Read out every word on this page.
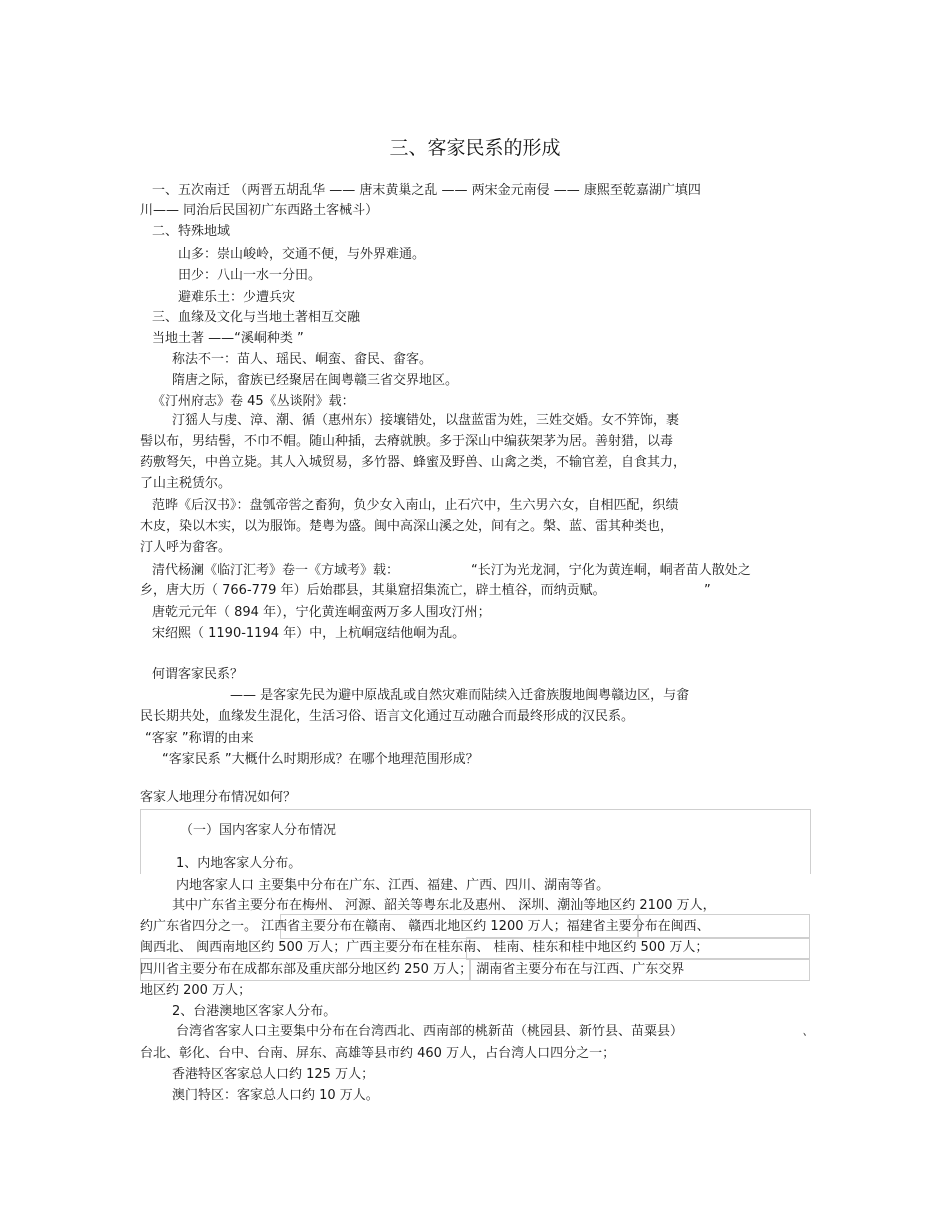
三、客家民系的形成
一、五次南迁 （两晋五胡乱华 —— 唐末黄巢之乱 —— 两宋金元南侵 —— 康熙至乾嘉湖广填四
川—— 同治后民国初广东西路土客械斗）
二、特殊地域
山多：崇山峻岭，交通不便，与外界难通。
田少：八山一水一分田。
避难乐土：少遭兵灾
三、血缘及文化与当地土著相互交融
当地土著 ——“溪峒种类 ”
称法不一：苗人、瑶民、峒蛮、畲民、畲客。
隋唐之际，畲族已经聚居在闽粤赣三省交界地区。
《汀州府志》卷 45《丛谈附》载：
汀猺人与虔、漳、潮、循（惠州东）接壤错处，以盘蓝雷为姓，三姓交婚。女不笄饰，裹
髻以布，男结髻，不巾不帽。随山种插，去瘠就腴。多于深山中编荻架茅为居。善射猎，以毒
药敷弩矢，中兽立毙。其人入城贸易，多竹器、蜂蜜及野兽、山禽之类，不输官差，自食其力，
了山主税赁尔。
范晔《后汉书》：盘瓠帝喾之畜狗，负少女入南山，止石穴中，生六男六女，自相匹配，织绩
木皮，染以木实，以为服饰。楚粤为盛。闽中高深山溪之处，间有之。槃、蓝、雷其种类也，
汀人呼为畲客。
清代杨澜《临汀汇考》卷一《方域考》载：	“长汀为光龙洞，宁化为黄连峒，峒者苗人散处之
乡，唐大历（ 766-779 年）后始郡县，其巢窟招集流亡，辟土植谷，而纳贡赋。	”
唐乾元元年（ 894 年），宁化黄连峒蛮两万多人围攻汀州；
宋绍熙（ 1190-1194 年）中，上杭峒寇结他峒为乱。
何谓客家民系？
—— 是客家先民为避中原战乱或自然灾难而陆续入迁畲族腹地闽粤赣边区，与畲
民长期共处，血缘发生混化，生活习俗、语言文化通过互动融合而最终形成的汉民系。
“客家 ”称谓的由来
“客家民系 ”大概什么时期形成？在哪个地理范围形成？
客家人地理分布情况如何？
（一）国内客家人分布情况
1、内地客家人分布。
内地客家人口 主要集中分布在广东、江西、福建、广西、四川、湖南等省。
其中广东省主要分布在梅州、 河源、韶关等粤东北及惠州、 深圳、潮汕等地区约 2100 万人，
约广东省四分之一。 江西省主要分布在赣南、 赣西北地区约 1200 万人；福建省主要分布在闽西、
闽西北、 闽西南地区约 500 万人；广西主要分布在桂东南、 桂南、桂东和桂中地区约 500 万人；
四川省主要分布在成都东部及重庆部分地区约 250 万人； 湖南省主要分布在与江西、广东交界
地区约 200 万人；
2、台港澳地区客家人分布。
台湾省客家人口主要集中分布在台湾西北、西南部的桃新苗（桃园县、新竹县、苗粟县）	、
台北、彰化、台中、台南、屏东、高雄等县市约 460 万人，占台湾人口四分之一；
香港特区客家总人口约 125 万人；
澳门特区：客家总人口约 10 万人。
